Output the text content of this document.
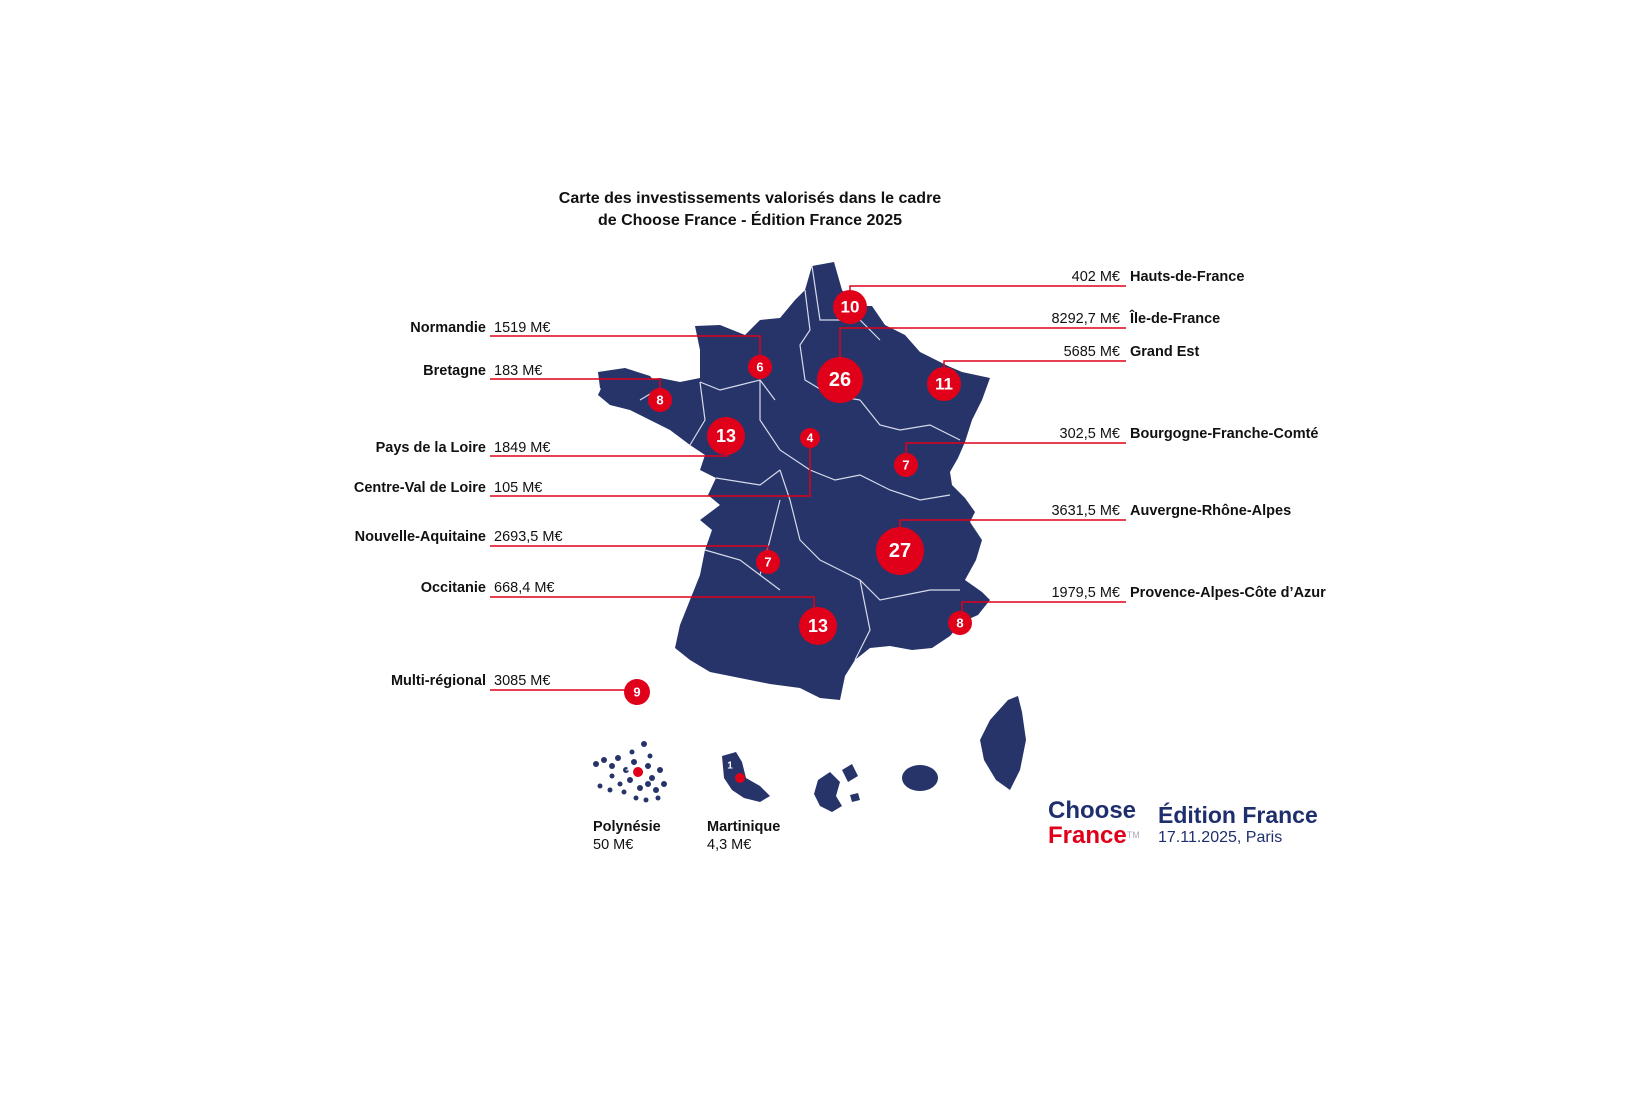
Carte des investissements valorisés dans le cadre
de Choose France - Édition France 2025
6
8
13	4
7
13
9
10
26	11
7
27
8
1	1
Normandie 1519 M€
Bretagne 183 M€
Pays de la Loire 1849 M€
Centre-Val de Loire 105 M€
Nouvelle-Aquitaine 2693,5 M€
Occitanie 668,4 M€
Multi-régional 3085 M€
402 M€ Hauts-de-France
8292,7 M€ Île-de-France
5685 M€ Grand Est
302,5 M€ Bourgogne-Franche-Comté
3631,5 M€ Auvergne-Rhône-Alpes
1979,5 M€ Provence-Alpes-Côte d’Azur
Polynésie
50 M€
Martinique
4,3 M€
Choose
France™
Édition France
17.11.2025, Paris
